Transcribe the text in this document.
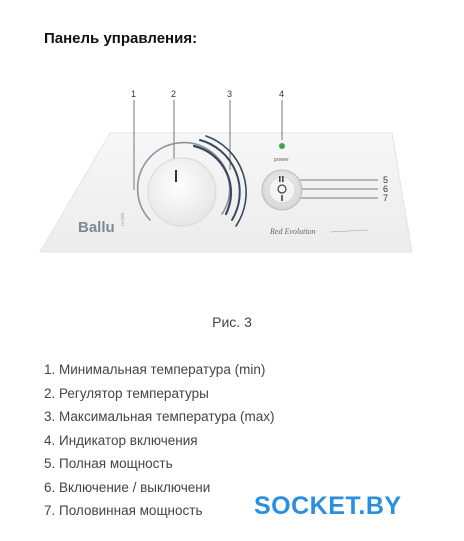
Панель управления:
1	2	3	4
5
6
7
Ballu HOME
power
Red Evolution
Рис. 3
1. Минимальная температура (min)
2. Регулятор температуры
3. Максимальная температура (max)
4. Индикатор включения
5. Полная мощность
6. Включение / выключени
7. Половинная мощность	SOCKET.BY
